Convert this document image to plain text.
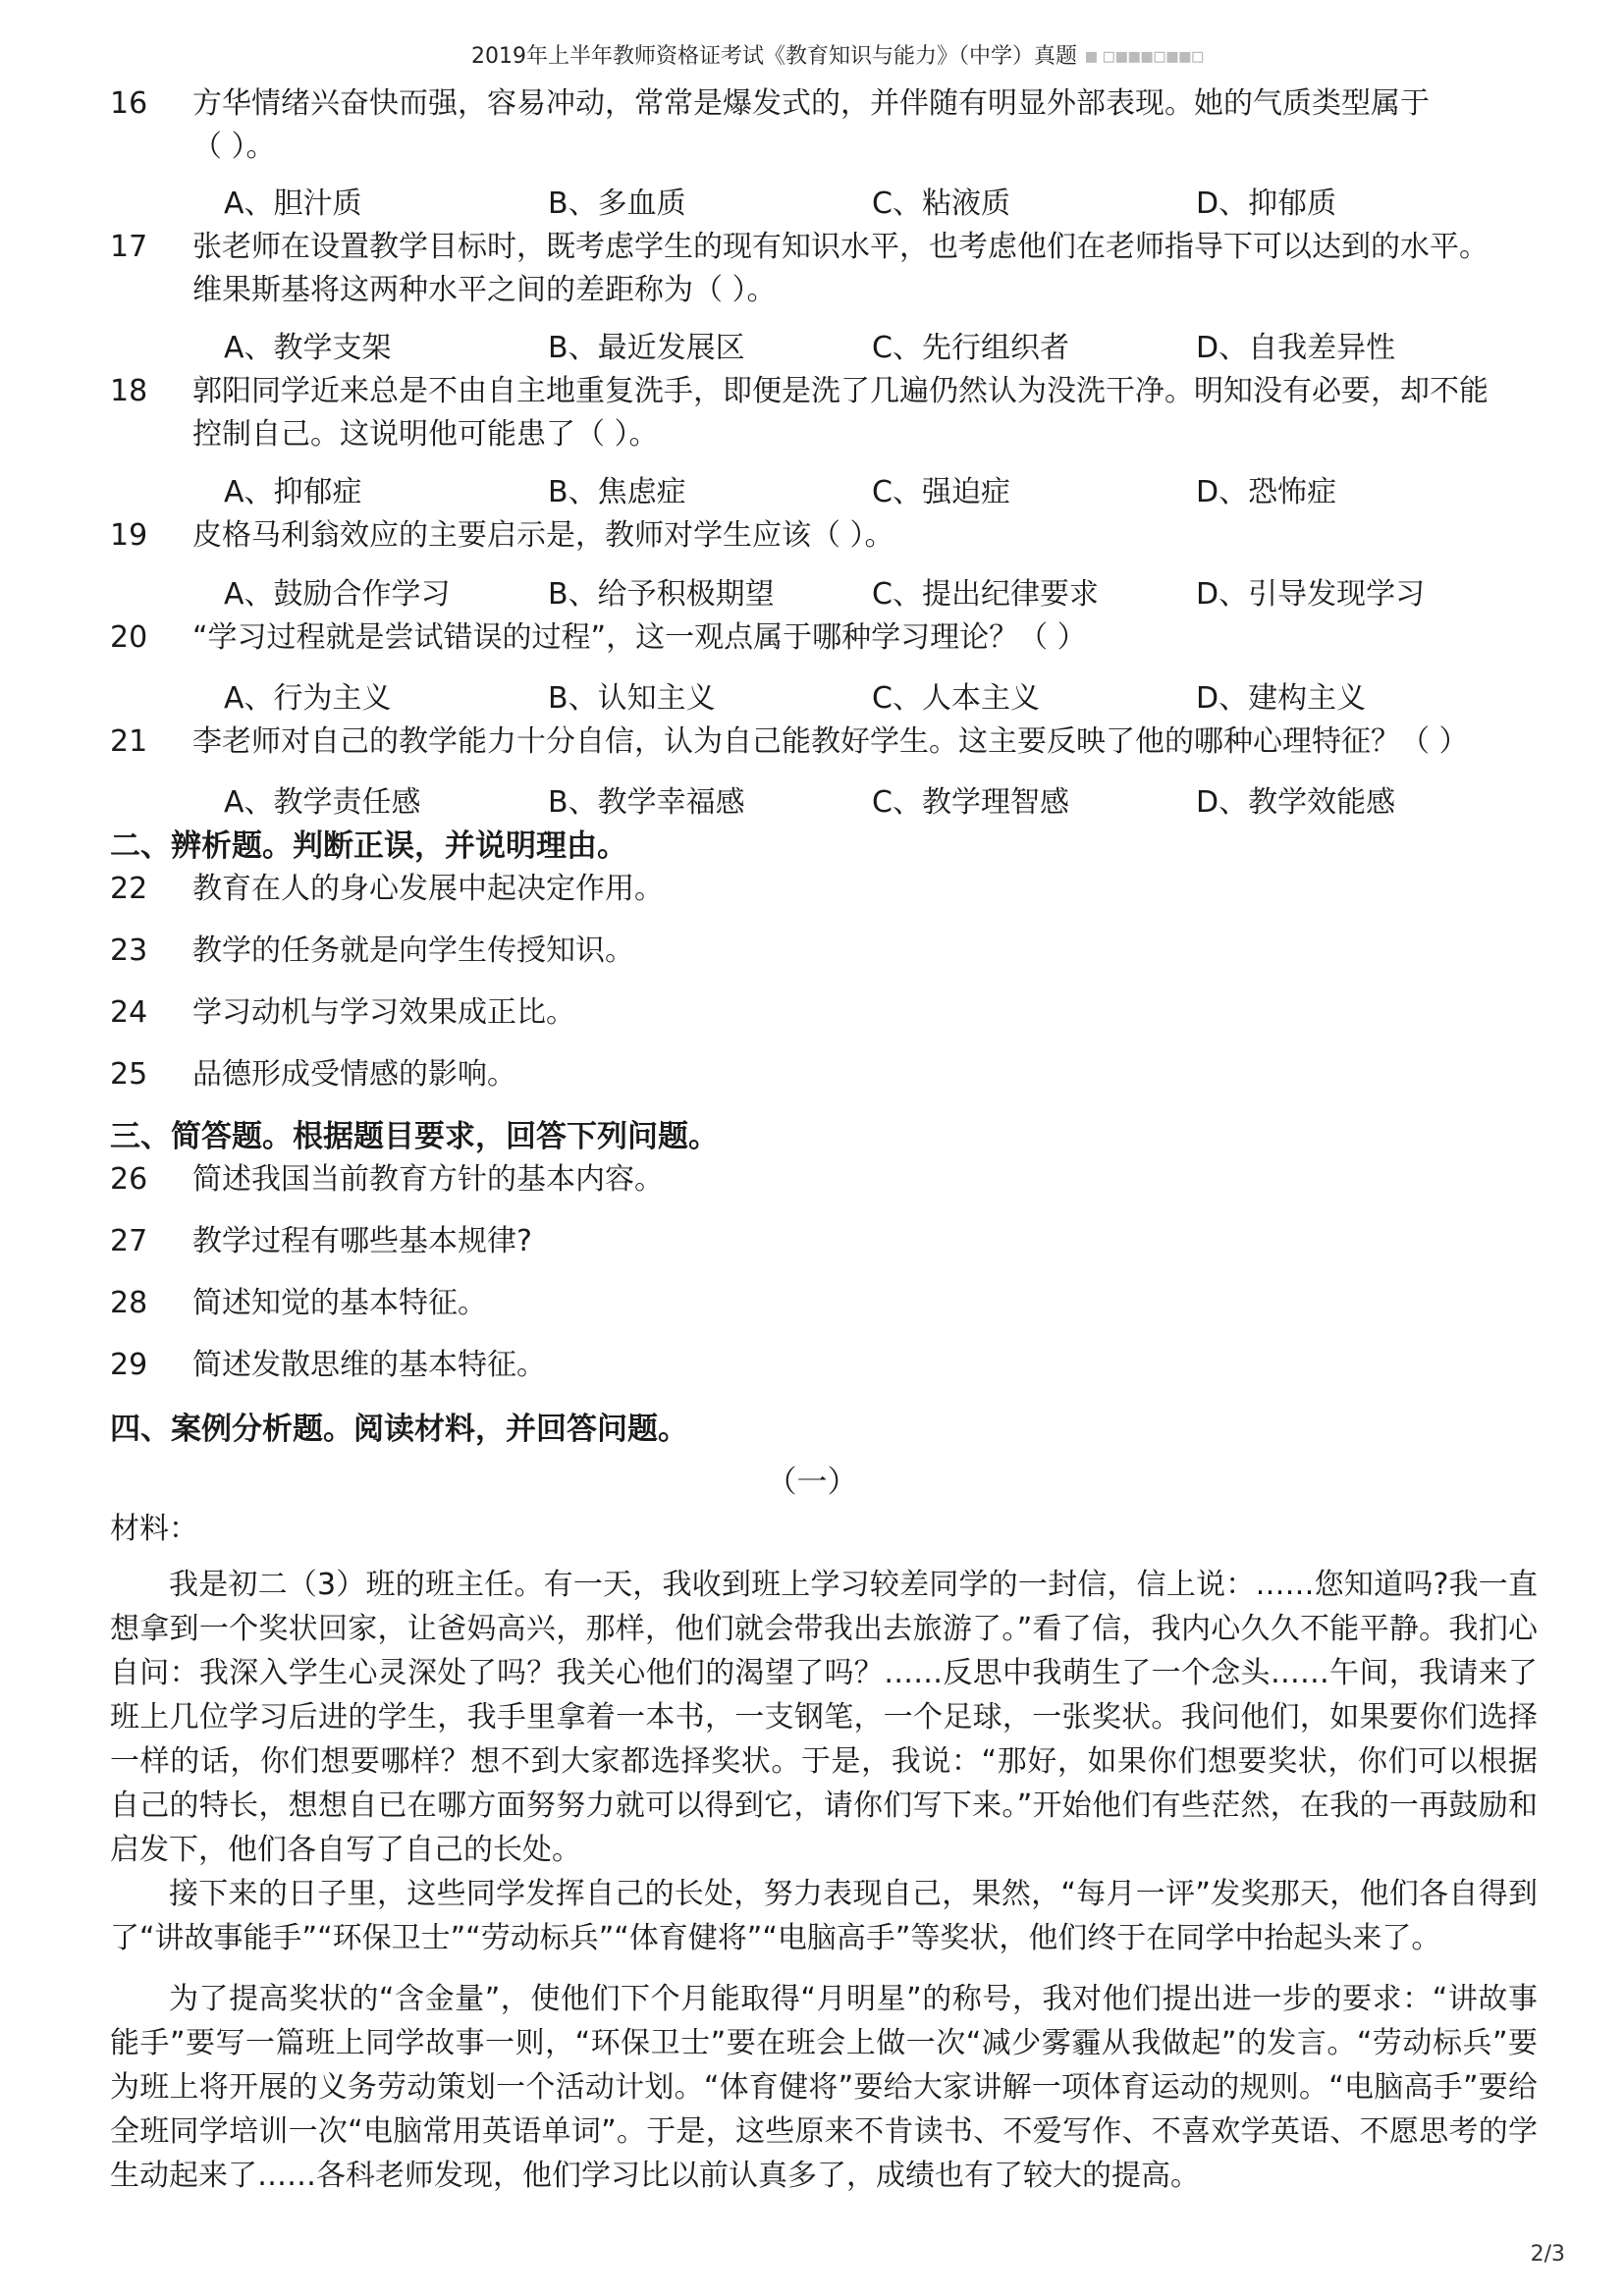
2019年上半年教师资格证考试《教育知识与能力》（中学）真题 ▪ ▫▪▪▪▫▪▪▫
16	方华情绪兴奋快而强，容易冲动，常常是爆发式的，并伴随有明显外部表现。她的气质类型属于
（ ）。
A、胆汁质	B、多血质	C、粘液质	D、抑郁质
17	张老师在设置教学目标时，既考虑学生的现有知识水平，也考虑他们在老师指导下可以达到的水平。
维果斯基将这两种水平之间的差距称为（ ）。
A、教学支架	B、最近发展区	C、先行组织者	D、自我差异性
18	郭阳同学近来总是不由自主地重复洗手，即便是洗了几遍仍然认为没洗干净。明知没有必要，却不能
控制自己。这说明他可能患了（ ）。
A、抑郁症	B、焦虑症	C、强迫症	D、恐怖症
19	皮格马利翁效应的主要启示是，教师对学生应该（ ）。
A、鼓励合作学习	B、给予积极期望	C、提出纪律要求	D、引导发现学习
20	“学习过程就是尝试错误的过程”，这一观点属于哪种学习理论？（ ）
A、行为主义	B、认知主义	C、人本主义	D、建构主义
21	李老师对自己的教学能力十分自信，认为自己能教好学生。这主要反映了他的哪种心理特征？（ ）
A、教学责任感	B、教学幸福感	C、教学理智感	D、教学效能感
二、辨析题。判断正误，并说明理由。
22	教育在人的身心发展中起决定作用。
23	教学的任务就是向学生传授知识。
24	学习动机与学习效果成正比。
25	品德形成受情感的影响。
三、简答题。根据题目要求，回答下列问题。
26	简述我国当前教育方针的基本内容。
27	教学过程有哪些基本规律?
28	简述知觉的基本特征。
29	简述发散思维的基本特征。
四、案例分析题。阅读材料，并回答问题。
（一）
材料：
我是初二（3）班的班主任。有一天，我收到班上学习较差同学的一封信，信上说：……您知道吗?我一直想拿到一个奖状回家，让爸妈高兴，那样，他们就会带我出去旅游了。”看了信，我内心久久不能平静。我扪心自问：我深入学生心灵深处了吗？我关心他们的渴望了吗？……反思中我萌生了一个念头……午间，我请来了班上几位学习后进的学生，我手里拿着一本书，一支钢笔，一个足球，一张奖状。我问他们，如果要你们选择一样的话，你们想要哪样？想不到大家都选择奖状。于是，我说：“那好，如果你们想要奖状，你们可以根据自己的特长，想想自已在哪方面努努力就可以得到它，请你们写下来。”开始他们有些茫然，在我的一再鼓励和启发下，他们各自写了自己的长处。
接下来的日子里，这些同学发挥自己的长处，努力表现自己，果然，“每月一评”发奖那天，他们各自得到了“讲故事能手”“环保卫士”“劳动标兵”“体育健将”“电脑高手”等奖状，他们终于在同学中抬起头来了。
为了提高奖状的“含金量”，使他们下个月能取得“月明星”的称号，我对他们提出进一步的要求：“讲故事能手”要写一篇班上同学故事一则，“环保卫士”要在班会上做一次“减少雾霾从我做起”的发言。“劳动标兵”要为班上将开展的义务劳动策划一个活动计划。“体育健将”要给大家讲解一项体育运动的规则。“电脑高手”要给全班同学培训一次“电脑常用英语单词”。于是，这些原来不肯读书、不爱写作、不喜欢学英语、不愿思考的学生动起来了……各科老师发现，他们学习比以前认真多了，成绩也有了较大的提高。
2/3
